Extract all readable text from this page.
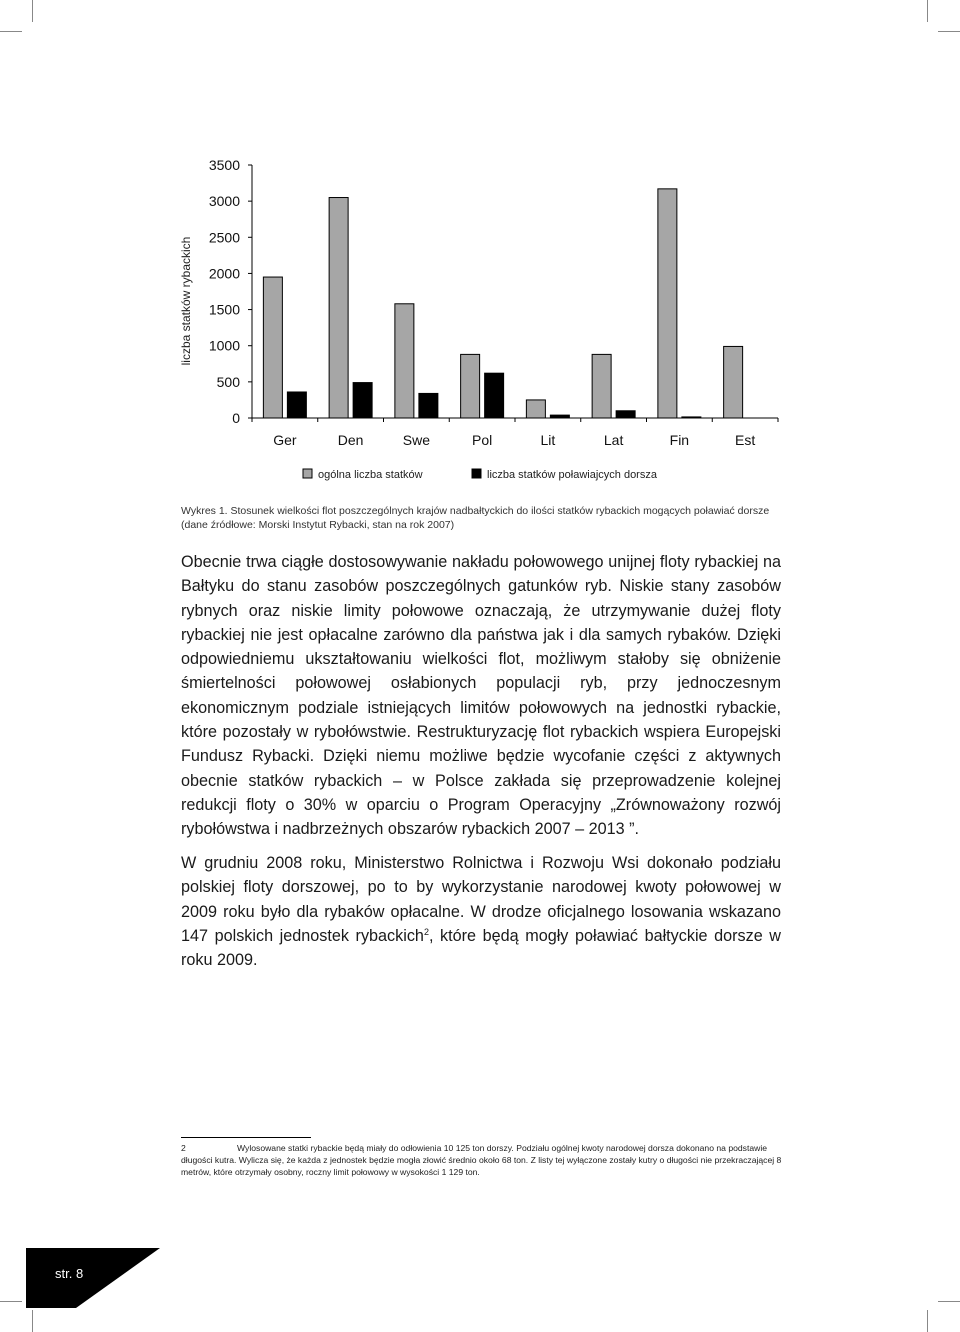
liczba statków rybackich
0
500
1000
1500
2000
2500
3000
3500
Ger	Den	Swe	Pol	Lit	Lat	Fin	Est
ogólna liczba statków	liczba statków poławiajcych dorsza

Wykres 1. Stosunek wielkości flot poszczególnych krajów nadbałtyckich do ilości statków rybackich mogących poławiać dorsze (dane źródłowe: Morski Instytut Rybacki, stan na rok 2007)

Obecnie trwa ciągłe dostosowywanie nakładu połowowego unijnej floty rybackiej na Bałtyku do stanu zasobów poszczególnych gatunków ryb. Niskie stany zasobów rybnych oraz niskie limity połowowe oznaczają, że utrzymywanie dużej floty rybackiej nie jest opłacalne zarówno dla państwa jak i dla samych rybaków. Dzięki odpowiedniemu ukształtowaniu wielkości flot, możliwym stałoby się obniżenie śmiertelności połowowej osłabionych populacji ryb, przy jednoczesnym ekonomicznym podziale istniejących limitów połowowych na jednostki rybackie, które pozostały w rybołówstwie. Restrukturyzację flot rybackich wspiera Europejski Fundusz Rybacki. Dzięki niemu możliwe będzie wycofanie części z aktywnych obecnie statków rybackich – w Polsce zakłada się przeprowadzenie kolejnej redukcji floty o 30% w oparciu o Program Operacyjny „Zrównoważony rozwój rybołówstwa i nadbrzeżnych obszarów rybackich 2007 – 2013 ”.

W grudniu 2008 roku, Ministerstwo Rolnictwa i Rozwoju Wsi dokonało podziału polskiej floty dorszowej, po to by wykorzystanie narodowej kwoty połowowej w 2009 roku było dla rybaków opłacalne. W drodze oficjalnego losowania wskazano 147 polskich jednostek rybackich$^2$, które będą mogły poławiać bałtyckie dorsze w roku 2009.

2	Wylosowane statki rybackie będą miały do odłowienia 10 125 ton dorszy. Podziału ogólnej kwoty narodowej dorsza dokonano na podstawie długości kutra. Wylicza się, że każda z jednostek będzie mogła złowić średnio około 68 ton. Z listy tej wyłączone zostały kutry o długości nie przekraczającej 8 metrów, które otrzymały osobny, roczny limit połowowy w wysokości 1 129 ton.

str. 8
